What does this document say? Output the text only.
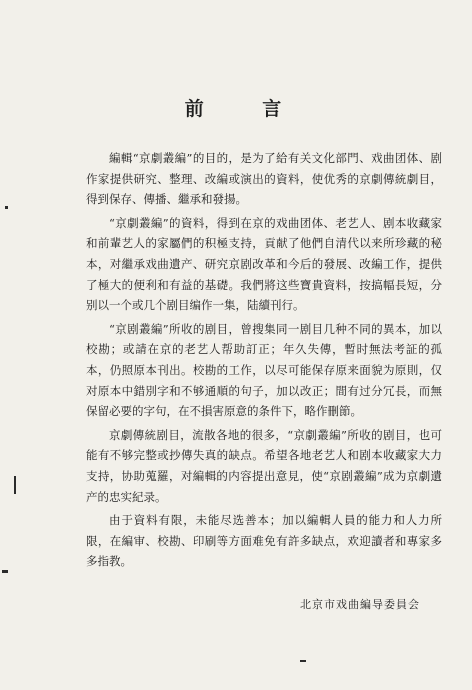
前 言

編輯“京劇叢編”的目的，是为了給有关文化部門、戏曲团体、剧作家提供研究、整理、改編或演出的資料，使优秀的京劇傳統劇目，得到保存、傳播、繼承和發揚。

“京劇叢編”的資料，得到在京的戏曲团体、老艺人、剧本收藏家和前輩艺人的家屬們的积極支持，貢献了他們自清代以来所珍藏的秘本，对繼承戏曲遺产、研究京剧改革和今后的發展、改編工作，提供了極大的便利和有益的基礎。我們將这些寶貴資料，按搞幅長短，分别以一个或几个剧目编作一集，陆續刊行。

“京剧叢編”所收的剧目，曾搜集同一剧目几种不同的異本，加以校勘；或請在京的老艺人帮助訂正；年久失傳，暫时無法考証的孤本，仍照原本刊出。校勘的工作，以尽可能保存原来面貌为原則，仅对原本中錯別字和不够通順的句子，加以改正；間有过分冗長，而無保留必要的字句，在不損害原意的条件下，略作刪節。

京劇傳統剧目，流散各地的很多，“京劇叢編”所收的剧目，也可能有不够完整或抄傳失真的缺点。希望各地老艺人和剧本收藏家大力支持，协助蒐羅，对編輯的内容提出意見，使“京剧叢編”成为京劇遺产的忠实紀录。

由于資料有限，未能尽选善本；加以編輯人員的能力和人力所限，在編审、校勘、印刷等方面难免有許多缺点，欢迎讀者和專家多多指教。

北京市戏曲編导委員会
